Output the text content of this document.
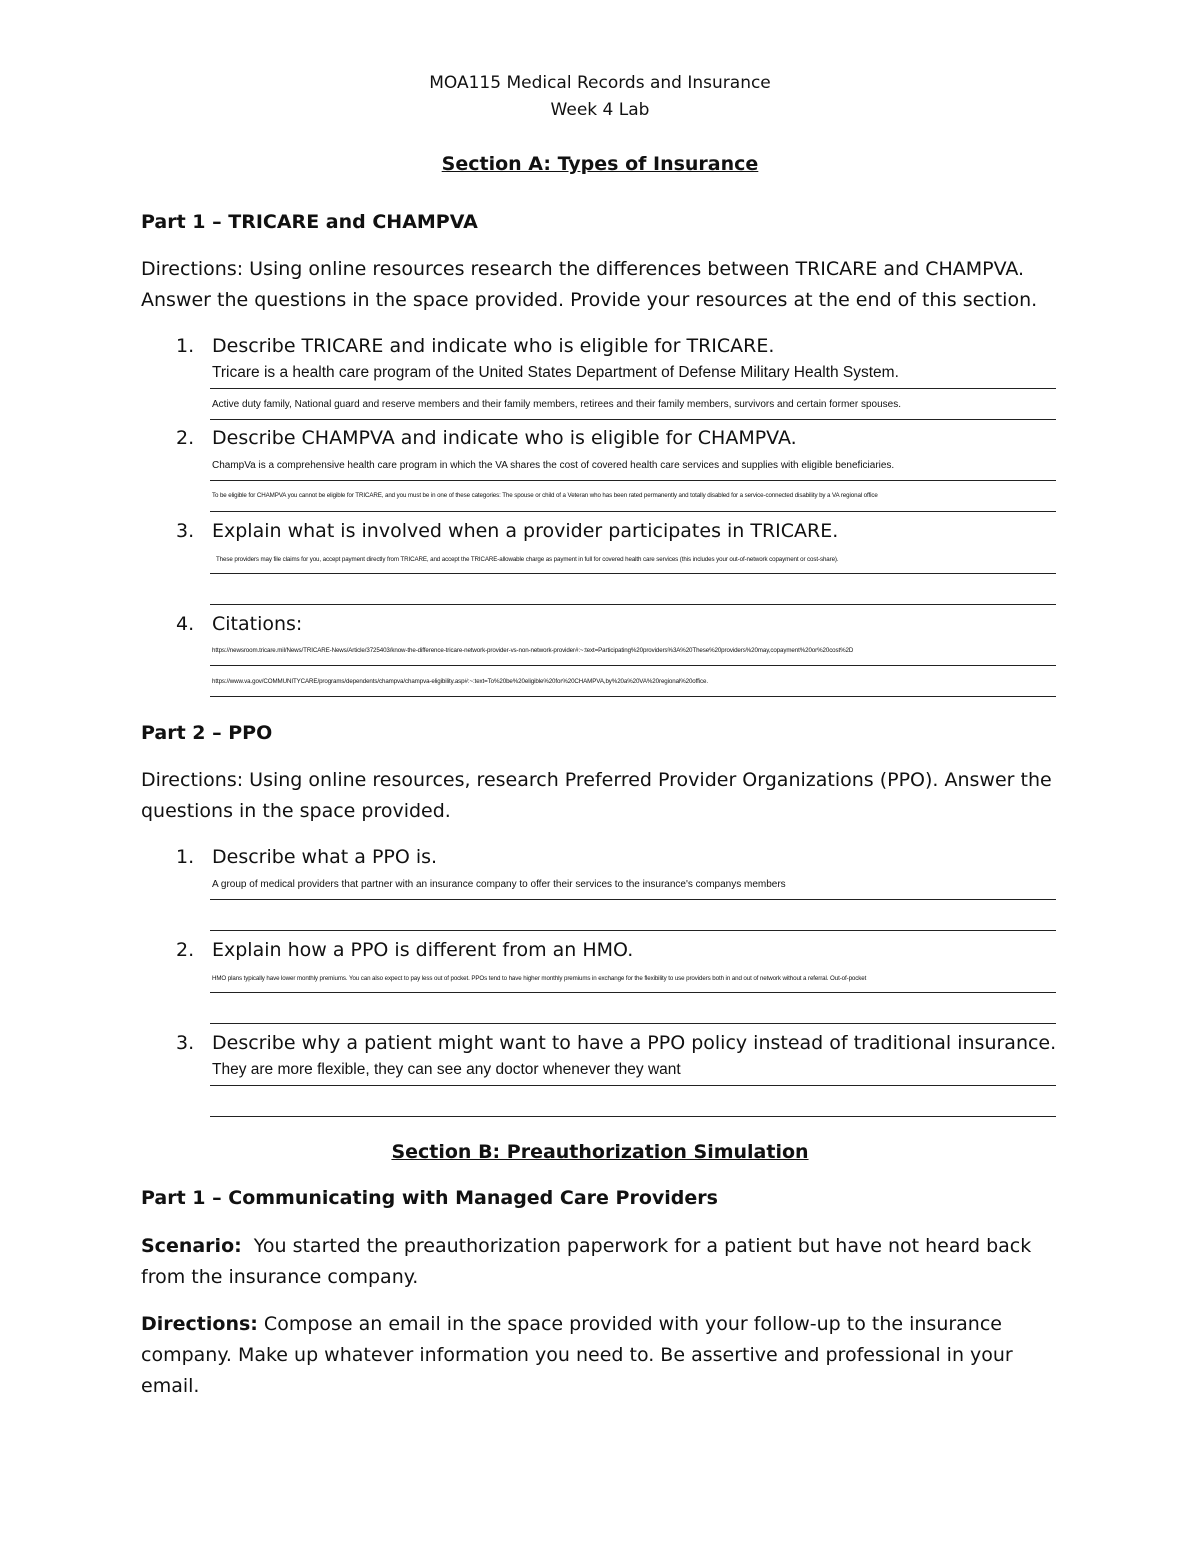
MOA115 Medical Records and Insurance
Week 4 Lab
Section A: Types of Insurance
Part 1 – TRICARE and CHAMPVA
Directions: Using online resources research the differences between TRICARE and CHAMPVA. Answer the questions in the space provided. Provide your resources at the end of this section.
1. Describe TRICARE and indicate who is eligible for TRICARE.
Tricare is a health care program of the United States Department of Defense Military Health System.
Active duty family, National guard and reserve members and their family members, retirees and their family members, survivors and certain former spouses.
2. Describe CHAMPVA and indicate who is eligible for CHAMPVA.
ChampVa is a comprehensive health care program in which the VA shares the cost of covered health care services and supplies with eligible beneficiaries.
To be eligible for CHAMPVA you cannot be eligible for TRICARE, and you must be in one of these categories: The spouse or child of a Veteran who has been rated permanently and totally disabled for a service-connected disability by a VA regional office
3. Explain what is involved when a provider participates in TRICARE.
These providers may file claims for you, accept payment directly from TRICARE, and accept the TRICARE-allowable charge as payment in full for covered health care services (this includes your out-of-network copayment or cost-share).
4. Citations:
https://newsroom.tricare.mil/News/TRICARE-News/Article/3725403/know-the-difference-tricare-network-provider-vs-non-network-provider#:~:text=Participating%20providers%3A%20These%20providers%20may,copayment%20or%20cost%2D
https://www.va.gov/COMMUNITYCARE/programs/dependents/champva/champva-eligibility.asp#:~:text=To%20be%20eligible%20for%20CHAMPVA,by%20a%20VA%20regional%20office.
Part 2 – PPO
Directions: Using online resources, research Preferred Provider Organizations (PPO). Answer the questions in the space provided.
1. Describe what a PPO is.
A group of medical providers that partner with an insurance company to offer their services to the insurance's companys members
2. Explain how a PPO is different from an HMO.
HMO plans typically have lower monthly premiums. You can also expect to pay less out of pocket. PPOs tend to have higher monthly premiums in exchange for the flexibility to use providers both in and out of network without a referral. Out-of-pocket
3. Describe why a patient might want to have a PPO policy instead of traditional insurance.
They are more flexible, they can see any doctor whenever they want
Section B: Preauthorization Simulation
Part 1 – Communicating with Managed Care Providers
Scenario:  You started the preauthorization paperwork for a patient but have not heard back from the insurance company.
Directions: Compose an email in the space provided with your follow-up to the insurance company. Make up whatever information you need to. Be assertive and professional in your email.
